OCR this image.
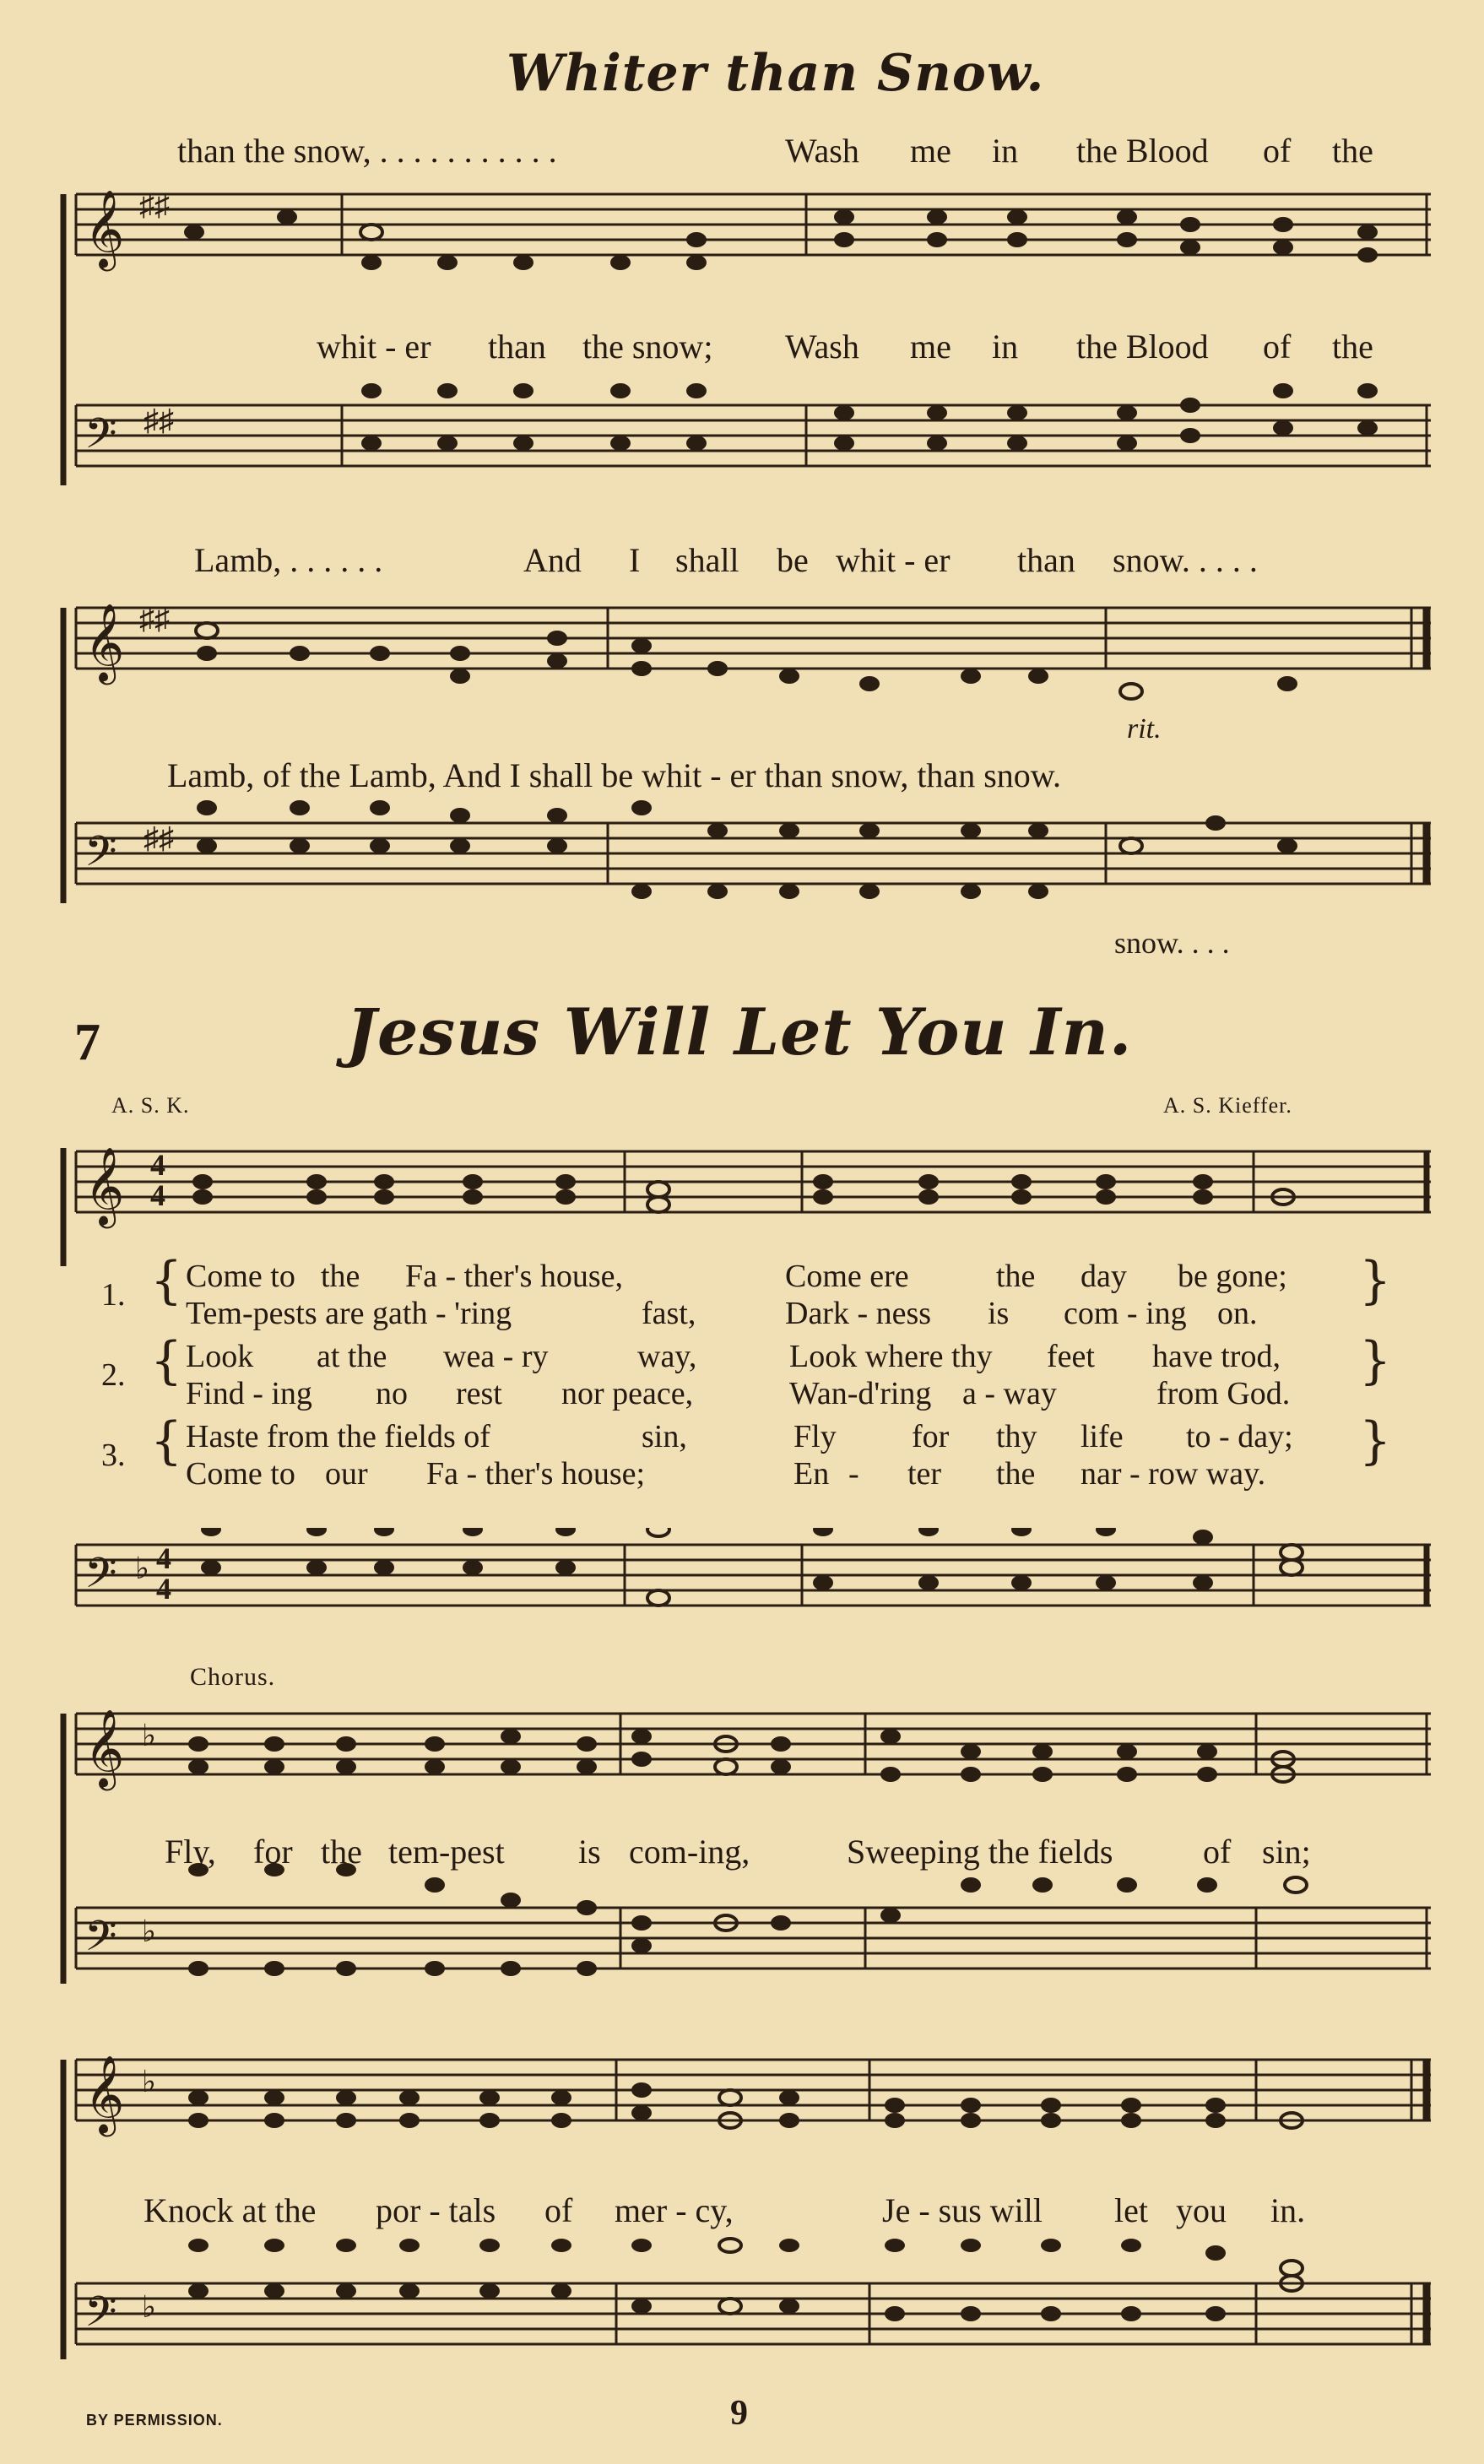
Whiter than Snow.
than the snow, . . . . . . . . . . .	Wash me in the Blood of the
𝄞
𝄢
♯♯
♯♯
whit - er than the snow; Wash me in the Blood of the
Lamb, . . . . . .	And I shall be whit - er than snow. . . . .
𝄞
𝄢
♯♯
♯♯
rit.
Lamb, of the Lamb, And I shall be whit - er than snow, than snow.
snow. . . .
7	Jesus Will Let You In.
A. S. K.	A. S. Kieffer.
𝄞 4
4
1. { Come to the Fa - ther's house,	Come ere	the day be gone;
Tem-pests are gath - 'ring	fast,	Dark - ness is com - ing on.
}
2. { Look at the wea - ry	way,	Look where thy feet have trod,
Find - ing no rest nor peace,	Wan-d'ring a - way	from God.
}
3. { Haste from the fields of	sin,	Fly for thy life to - day;
Come to our Fa - ther's house;	En - ter the nar - row way.
}
𝄢 ♭ 4
4
Chorus.
𝄞
𝄢
♭
♭
Fly, for the tem-pest is com-ing,	Sweeping the fields	of sin;
𝄞
𝄢
♭
♭
Knock at the por - tals of mer - cy,	Je - sus will let you in.
BY PERMISSION.	9
